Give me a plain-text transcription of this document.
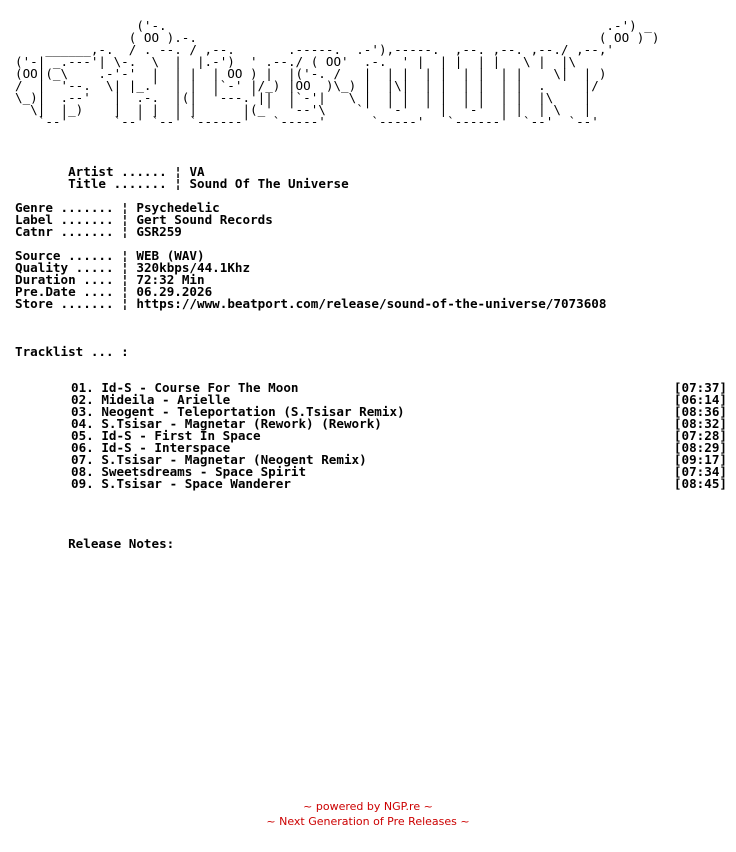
('-.                                                          .-') _
( OO ).-.                                                     ( OO ) )
______,-.  / . --. / ,--.       .-----.  .-'),-----.  ,--. ,--. ,--./ ,--,'
('-| _.---'| \-.  \  |  |.-')  ' .--./ ( OO'  .-.  ' |  | |  | |   \ |  |\
(OO|(_\    .-'-'  |  | |  | OO ) |  |('-. /   |  | |  | |  | |  | |    \|  | )
/  |  '--.  \| |_.'  | |  |`-' |/_) |OO  )\_) |  |\|  | |  | |  | |  .     |/
\_)|  .--'   |  .-.  |(|  '---.'||  |`-'|   \ |  | |  | |  | |  | |  |\    |
\|  |_)    |  | |  | |      |(_'  '--'\    `'  '-'  ' |  '-'  | |  | \   |
`--'      `--' `--' `------'   `-----'      `-----'   `------'  `--'  `--'
Artist ...... ¦ VA
Title ....... ¦ Sound Of The Universe
Genre ....... ¦ Psychedelic
Label ....... ¦ Gert Sound Records
Catnr ....... ¦ GSR259
Source ...... ¦ WEB (WAV)
Quality ..... ¦ 320kbps/44.1Khz
Duration .... ¦ 72:32 Min
Pre.Date .... ¦ 06.29.2026
Store ....... ¦ https://www.beatport.com/release/sound-of-the-universe/7073608
Tracklist ... :
01. Id-S - Course For The Moon	[07:37]
02. Mideila - Arielle	[06:14]
03. Neogent - Teleportation (S.Tsisar Remix)	[08:36]
04. S.Tsisar - Magnetar (Rework) (Rework)	[08:32]
05. Id-S - First In Space	[07:28]
06. Id-S - Interspace	[08:29]
07. S.Tsisar - Magnetar (Neogent Remix)	[09:17]
08. Sweetsdreams - Space Spirit	[07:34]
09. S.Tsisar - Space Wanderer	[08:45]
Release Notes:
~ powered by NGP.re ~
~ Next Generation of Pre Releases ~
